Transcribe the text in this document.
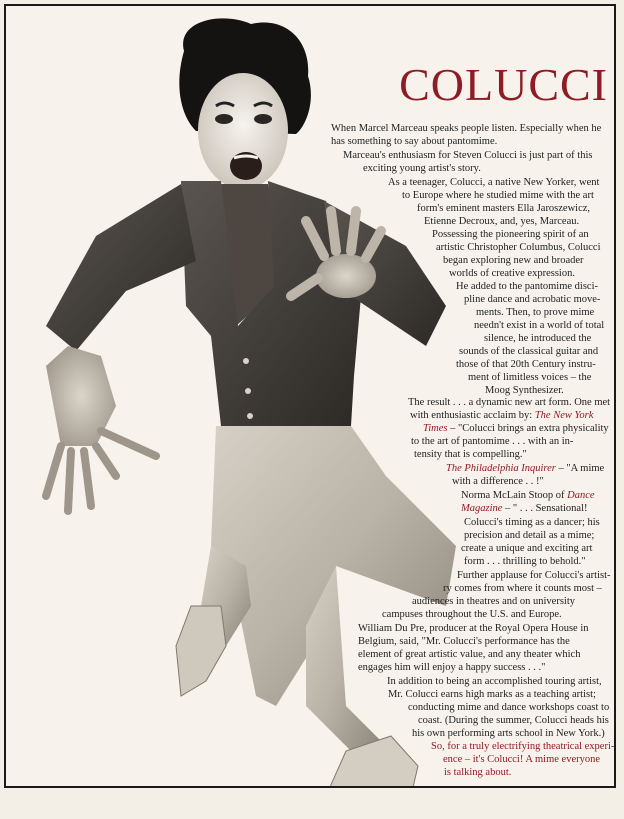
COLUCCI
When Marcel Marceau speaks people listen. Especially when he
has something to say about pantomime.
Marceau's enthusiasm for Steven Colucci is just part of this
exciting young artist's story.
As a teenager, Colucci, a native New Yorker, went
to Europe where he studied mime with the art
form's eminent masters Ella Jaroszewicz,
Etienne Decroux, and, yes, Marceau.
Possessing the pioneering spirit of an
artistic Christopher Columbus, Colucci
began exploring new and broader
worlds of creative expression.
He added to the pantomime disci-
pline dance and acrobatic move-
ments. Then, to prove mime
needn't exist in a world of total
silence, he introduced the
sounds of the classical guitar and
those of that 20th Century instru-
ment of limitless voices – the
Moog Synthesizer.
The result . . . a dynamic new art form. One met
with enthusiastic acclaim by: The New York
Times – "Colucci brings an extra physicality
to the art of pantomime . . . with an in-
tensity that is compelling."
The Philadelphia Inquirer – "A mime
with a difference . . !"
Norma McLain Stoop of Dance
Magazine – " . . . Sensational!
Colucci's timing as a dancer; his
precision and detail as a mime;
create a unique and exciting art
form . . . thrilling to behold."
Further applause for Colucci's artist-
ry comes from where it counts most –
audiences in theatres and on university
campuses throughout the U.S. and Europe.
William Du Pre, producer at the Royal Opera House in
Belgium, said, "Mr. Colucci's performance has the
element of great artistic value, and any theater which
engages him will enjoy a happy success . . ."
In addition to being an accomplished touring artist,
Mr. Colucci earns high marks as a teaching artist;
conducting mime and dance workshops coast to
coast. (During the summer, Colucci heads his
his own performing arts school in New York.)
So, for a truly electrifying theatrical experi-
ence – it's Colucci! A mime everyone
is talking about.
